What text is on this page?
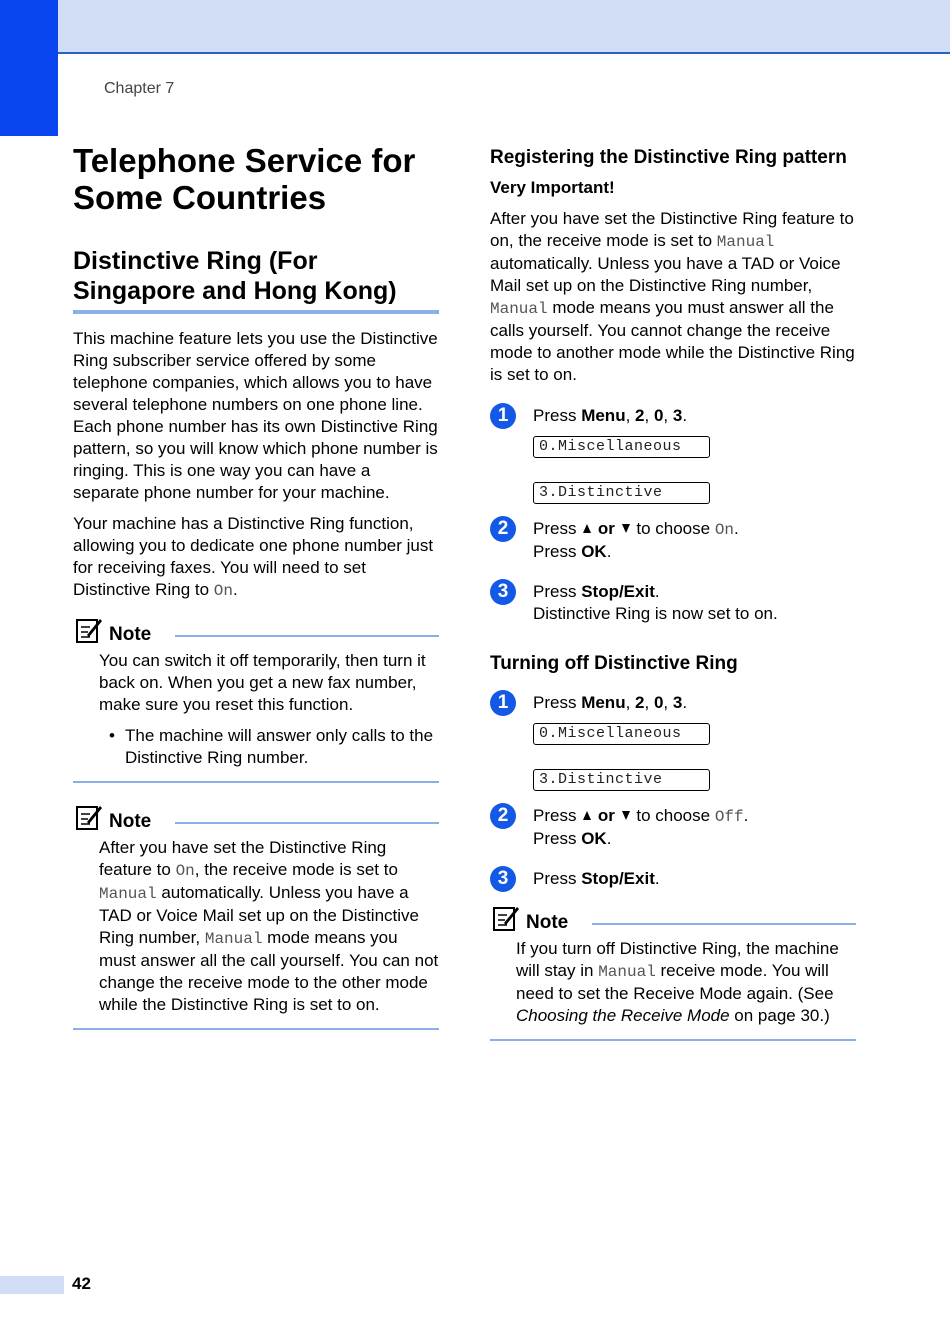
Chapter 7
Telephone Service for Some Countries
Distinctive Ring (For Singapore and Hong Kong)

This machine feature lets you use the Distinctive Ring subscriber service offered by some telephone companies, which allows you to have several telephone numbers on one phone line. Each phone number has its own Distinctive Ring pattern, so you will know which phone number is ringing. This is one way you can have a separate phone number for your machine.

Your machine has a Distinctive Ring function, allowing you to dedicate one phone number just for receiving faxes. You will need to set Distinctive Ring to On.

Note

You can switch it off temporarily, then turn it back on. When you get a new fax number, make sure you reset this function.

• The machine will answer only calls to the Distinctive Ring number.

Note

After you have set the Distinctive Ring feature to On, the receive mode is set to Manual automatically. Unless you have a TAD or Voice Mail set up on the Distinctive Ring number, Manual mode means you must answer all the call yourself. You can not change the receive mode to the other mode while the Distinctive Ring is set to on.

Registering the Distinctive Ring pattern
Very Important!

After you have set the Distinctive Ring feature to on, the receive mode is set to Manual automatically. Unless you have a TAD or Voice Mail set up on the Distinctive Ring number, Manual mode means you must answer all the calls yourself. You cannot change the receive mode to another mode while the Distinctive Ring is set to on.

1	Press Menu, 2, 0, 3.

0.Miscellaneous
3.Distinctive
2	Press  or  to choose On.

Press OK.

3	Press Stop/Exit.

Distinctive Ring is now set to on.

Turning off Distinctive Ring
1	Press Menu, 2, 0, 3.

0.Miscellaneous
3.Distinctive
2	Press  or  to choose Off.

Press OK.

3	Press Stop/Exit.

Note

If you turn off Distinctive Ring, the machine will stay in Manual receive mode. You will need to set the Receive Mode again. (See Choosing the Receive Mode on page 30.)

42
